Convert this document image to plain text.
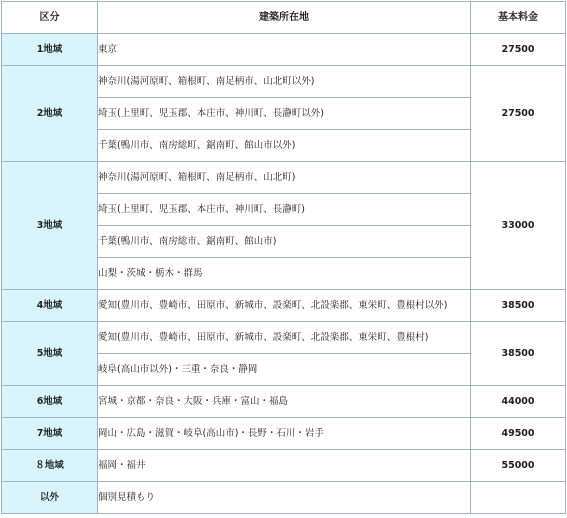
区分	建築所在地	基本料金
1地域	東京	27500
2地域	神奈川(湯河原町、箱根町、南足柄市、山北町以外)	27500
	埼玉(上里町、児玉郡、本庄市、神川町、長瀞町以外)	
	千葉(鴨川市、南房総町、鋸南町、館山市以外)	
3地域	神奈川(湯河原町、箱根町、南足柄市、山北町)	33000
	埼玉(上里町、児玉郡、本庄市、神川町、長瀞町)	
	千葉(鴨川市、南房総市、鋸南町、館山市)	
	山梨・茨城・栃木・群馬	
4地域	愛知(豊川市、豊崎市、田原市、新城市、設楽町、北設楽郡、東栄町、豊根村以外)	38500
5地域	愛知(豊川市、豊崎市、田原市、新城市、設楽町、北設楽郡、東栄町、豊根村)	38500
	岐阜(高山市以外)・三重・奈良・静岡	
6地域	宮城・京都・奈良・大阪・兵庫・富山・福島	44000
7地域	岡山・広島・滋賀・岐阜(高山市)・長野・石川・岩手	49500
８地域	福岡・福井	55000
以外	個別見積もり	
